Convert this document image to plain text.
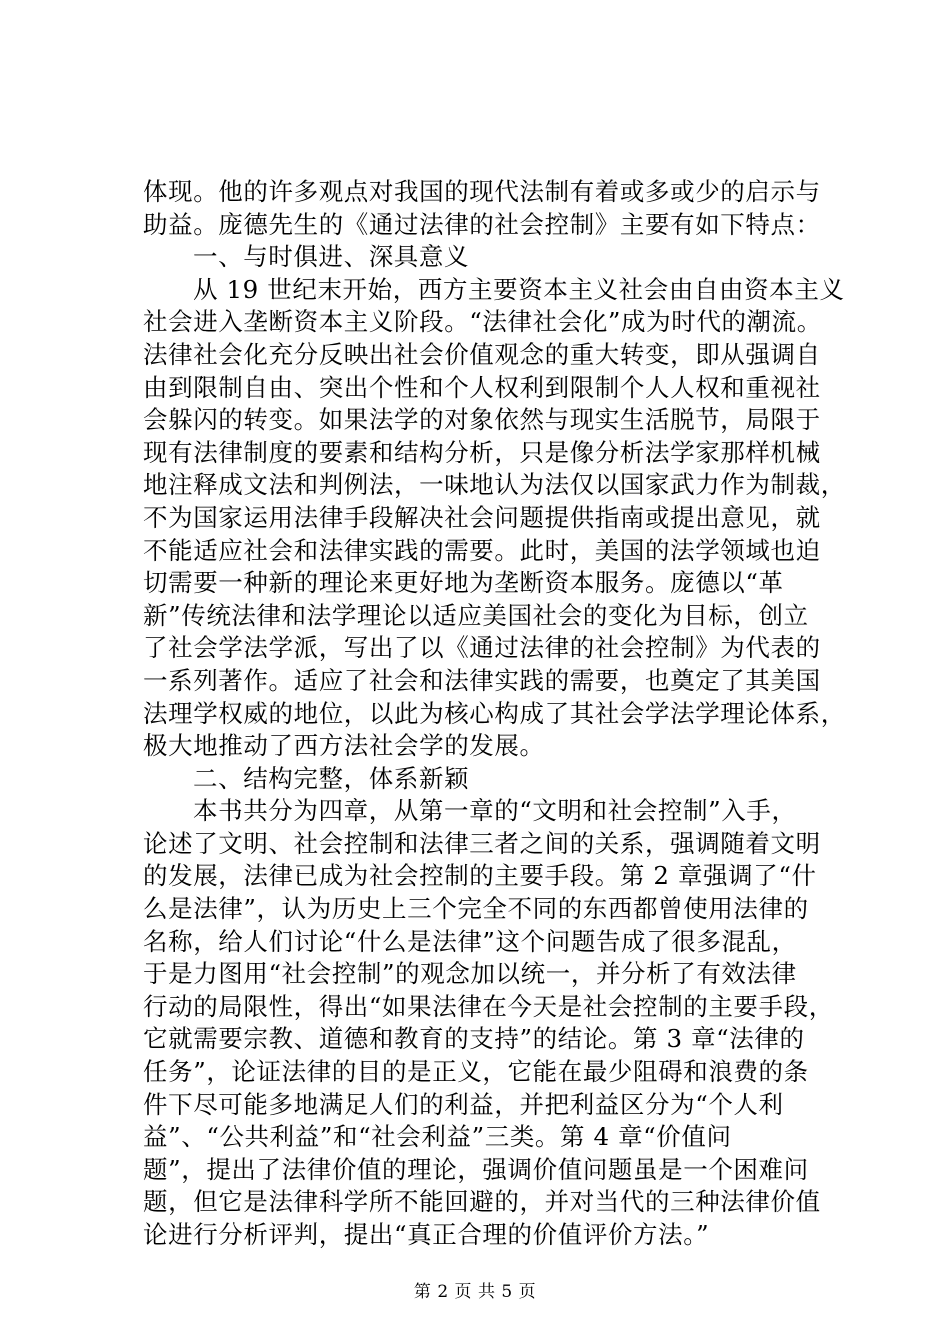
体现。他的许多观点对我国的现代法制有着或多或少的启示与
助益。庞德先生的《通过法律的社会控制》主要有如下特点：
一、与时俱进、深具意义
从 19 世纪末开始，西方主要资本主义社会由自由资本主义
社会进入垄断资本主义阶段。“法律社会化”成为时代的潮流。
法律社会化充分反映出社会价值观念的重大转变，即从强调自
由到限制自由、突出个性和个人权利到限制个人人权和重视社
会躲闪的转变。如果法学的对象依然与现实生活脱节，局限于
现有法律制度的要素和结构分析，只是像分析法学家那样机械
地注释成文法和判例法，一味地认为法仅以国家武力作为制裁，
不为国家运用法律手段解决社会问题提供指南或提出意见，就
不能适应社会和法律实践的需要。此时，美国的法学领域也迫
切需要一种新的理论来更好地为垄断资本服务。庞德以“革
新”传统法律和法学理论以适应美国社会的变化为目标，创立
了社会学法学派，写出了以《通过法律的社会控制》为代表的
一系列著作。适应了社会和法律实践的需要，也奠定了其美国
法理学权威的地位，以此为核心构成了其社会学法学理论体系，
极大地推动了西方法社会学的发展。
二、结构完整，体系新颖
本书共分为四章，从第一章的“文明和社会控制”入手，
论述了文明、社会控制和法律三者之间的关系，强调随着文明
的发展，法律已成为社会控制的主要手段。第 2 章强调了“什
么是法律”，认为历史上三个完全不同的东西都曾使用法律的
名称，给人们讨论“什么是法律”这个问题告成了很多混乱，
于是力图用“社会控制”的观念加以统一，并分析了有效法律
行动的局限性，得出“如果法律在今天是社会控制的主要手段，
它就需要宗教、道德和教育的支持”的结论。第 3 章“法律的
任务”，论证法律的目的是正义，它能在最少阻碍和浪费的条
件下尽可能多地满足人们的利益，并把利益区分为“个人利
益”、“公共利益”和“社会利益”三类。第 4 章“价值问
题”，提出了法律价值的理论，强调价值问题虽是一个困难问
题，但它是法律科学所不能回避的，并对当代的三种法律价值
论进行分析评判，提出“真正合理的价值评价方法。”
第 2 页 共 5 页
